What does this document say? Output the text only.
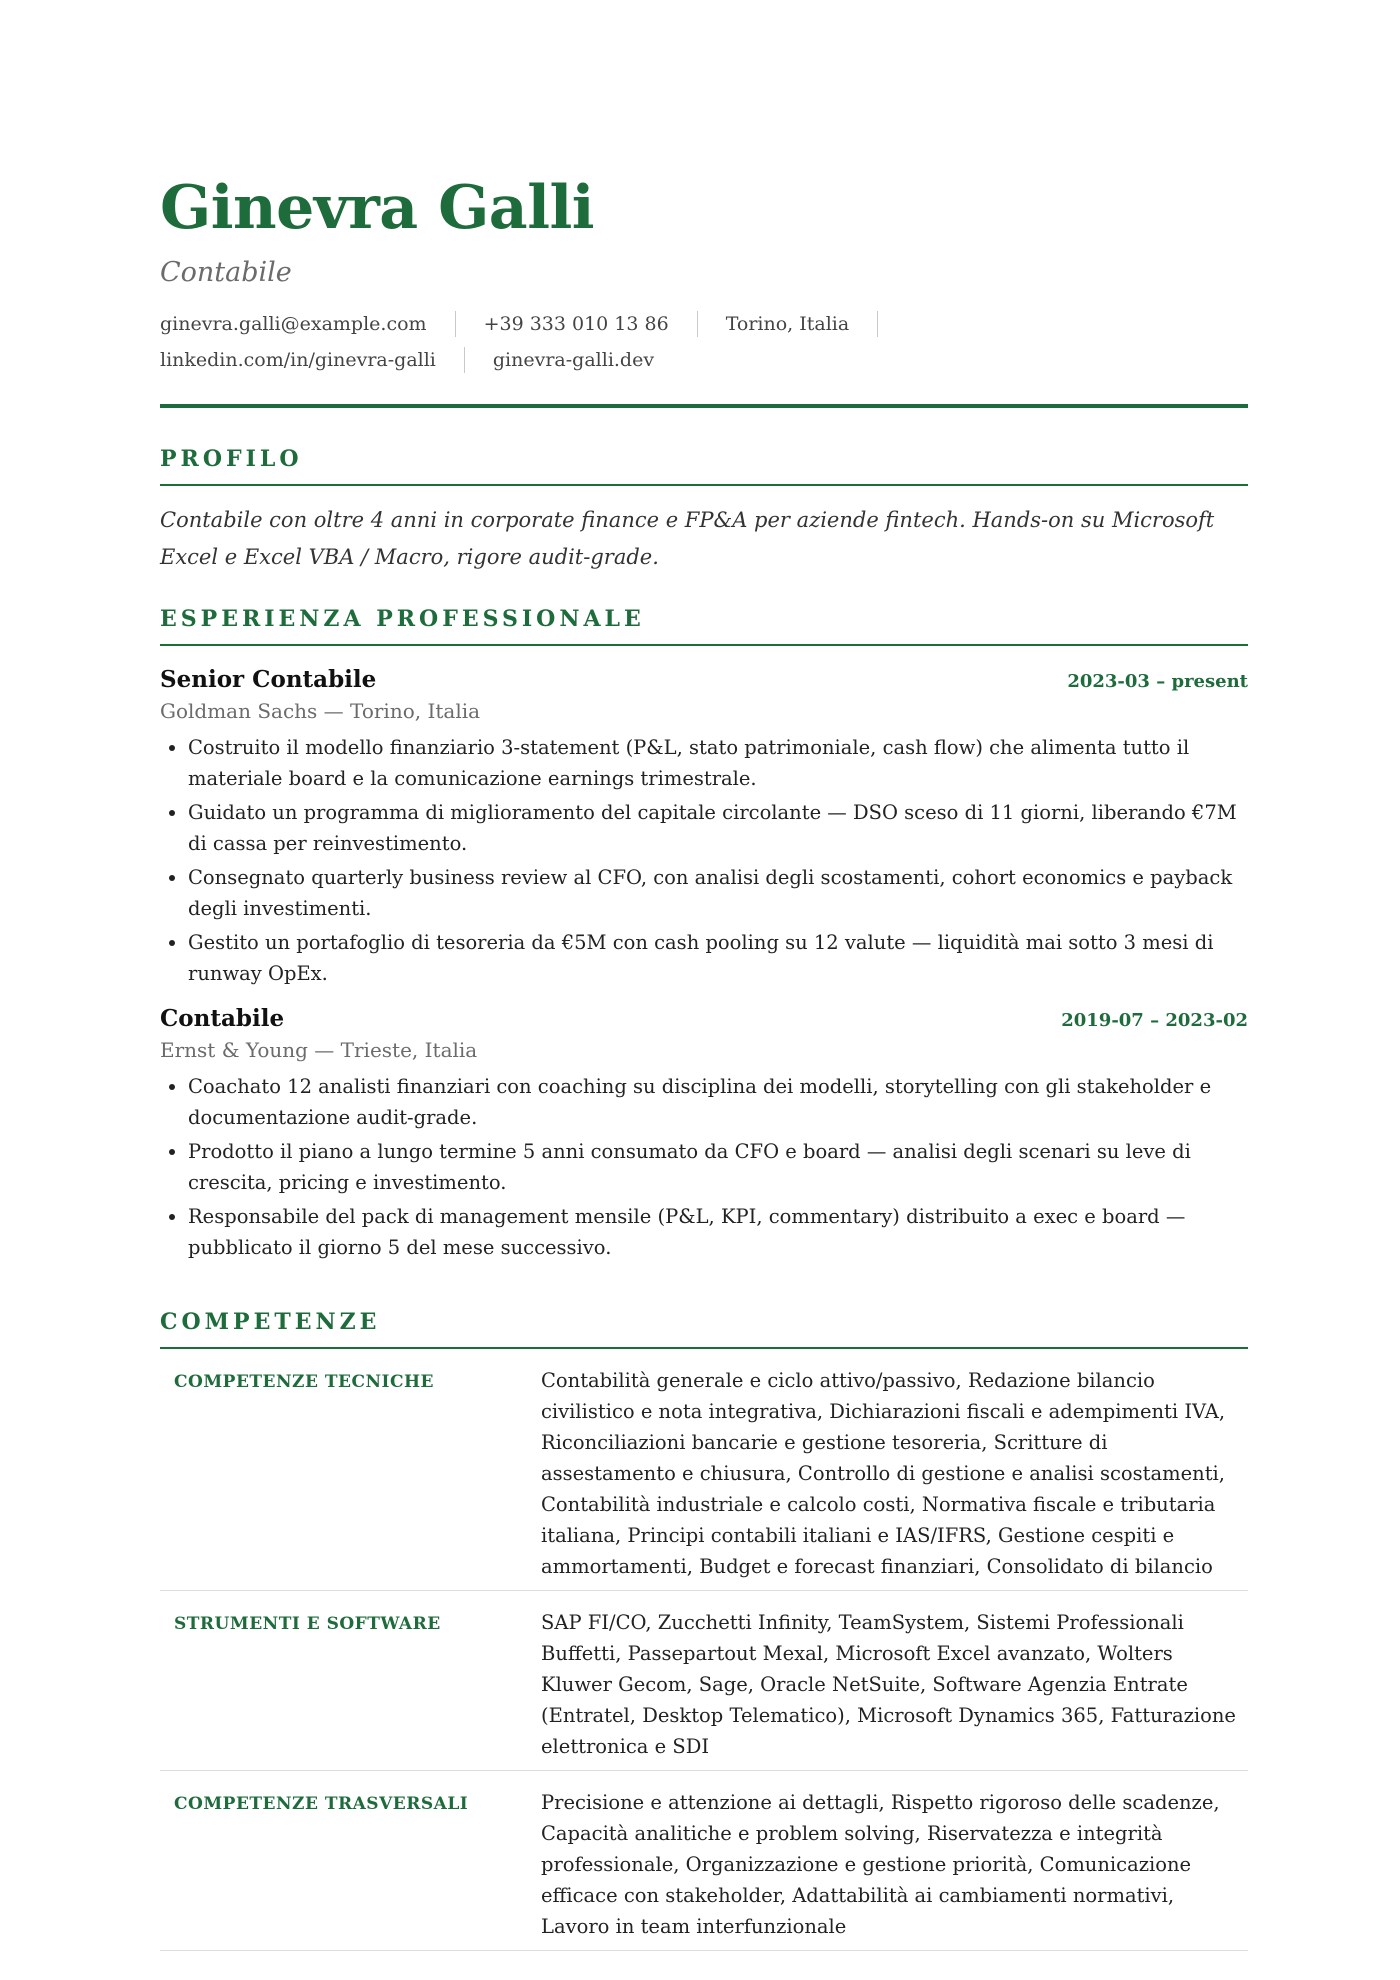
Ginevra Galli
Contabile
ginevra.galli@example.com	+39 333 010 13 86	Torino, Italia
linkedin.com/in/ginevra-galli	ginevra-galli.dev
PROFILO
Contabile con oltre 4 anni in corporate finance e FP&A per aziende fintech. Hands-on su Microsoft Excel e Excel VBA / Macro, rigore audit-grade.
ESPERIENZA PROFESSIONALE
Senior Contabile	2023-03 – present
Goldman Sachs — Torino, Italia
• Costruito il modello finanziario 3-statement (P&L, stato patrimoniale, cash flow) che alimenta tutto il materiale board e la comunicazione earnings trimestrale.
• Guidato un programma di miglioramento del capitale circolante — DSO sceso di 11 giorni, liberando €7M di cassa per reinvestimento.
• Consegnato quarterly business review al CFO, con analisi degli scostamenti, cohort economics e payback degli investimenti.
• Gestito un portafoglio di tesoreria da €5M con cash pooling su 12 valute — liquidità mai sotto 3 mesi di runway OpEx.
Contabile	2019-07 – 2023-02
Ernst & Young — Trieste, Italia
• Coachato 12 analisti finanziari con coaching su disciplina dei modelli, storytelling con gli stakeholder e documentazione audit-grade.
• Prodotto il piano a lungo termine 5 anni consumato da CFO e board — analisi degli scenari su leve di crescita, pricing e investimento.
• Responsabile del pack di management mensile (P&L, KPI, commentary) distribuito a exec e board — pubblicato il giorno 5 del mese successivo.
COMPETENZE
COMPETENZE TECNICHE	Contabilità generale e ciclo attivo/passivo, Redazione bilancio civilistico e nota integrativa, Dichiarazioni fiscali e adempimenti IVA, Riconciliazioni bancarie e gestione tesoreria, Scritture di assestamento e chiusura, Controllo di gestione e analisi scostamenti, Contabilità industriale e calcolo costi, Normativa fiscale e tributaria italiana, Principi contabili italiani e IAS/IFRS, Gestione cespiti e ammortamenti, Budget e forecast finanziari, Consolidato di bilancio
STRUMENTI E SOFTWARE	SAP FI/CO, Zucchetti Infinity, TeamSystem, Sistemi Professionali Buffetti, Passepartout Mexal, Microsoft Excel avanzato, Wolters Kluwer Gecom, Sage, Oracle NetSuite, Software Agenzia Entrate (Entratel, Desktop Telematico), Microsoft Dynamics 365, Fatturazione elettronica e SDI
COMPETENZE TRASVERSALI	Precisione e attenzione ai dettagli, Rispetto rigoroso delle scadenze, Capacità analitiche e problem solving, Riservatezza e integrità professionale, Organizzazione e gestione priorità, Comunicazione efficace con stakeholder, Adattabilità ai cambiamenti normativi, Lavoro in team interfunzionale
